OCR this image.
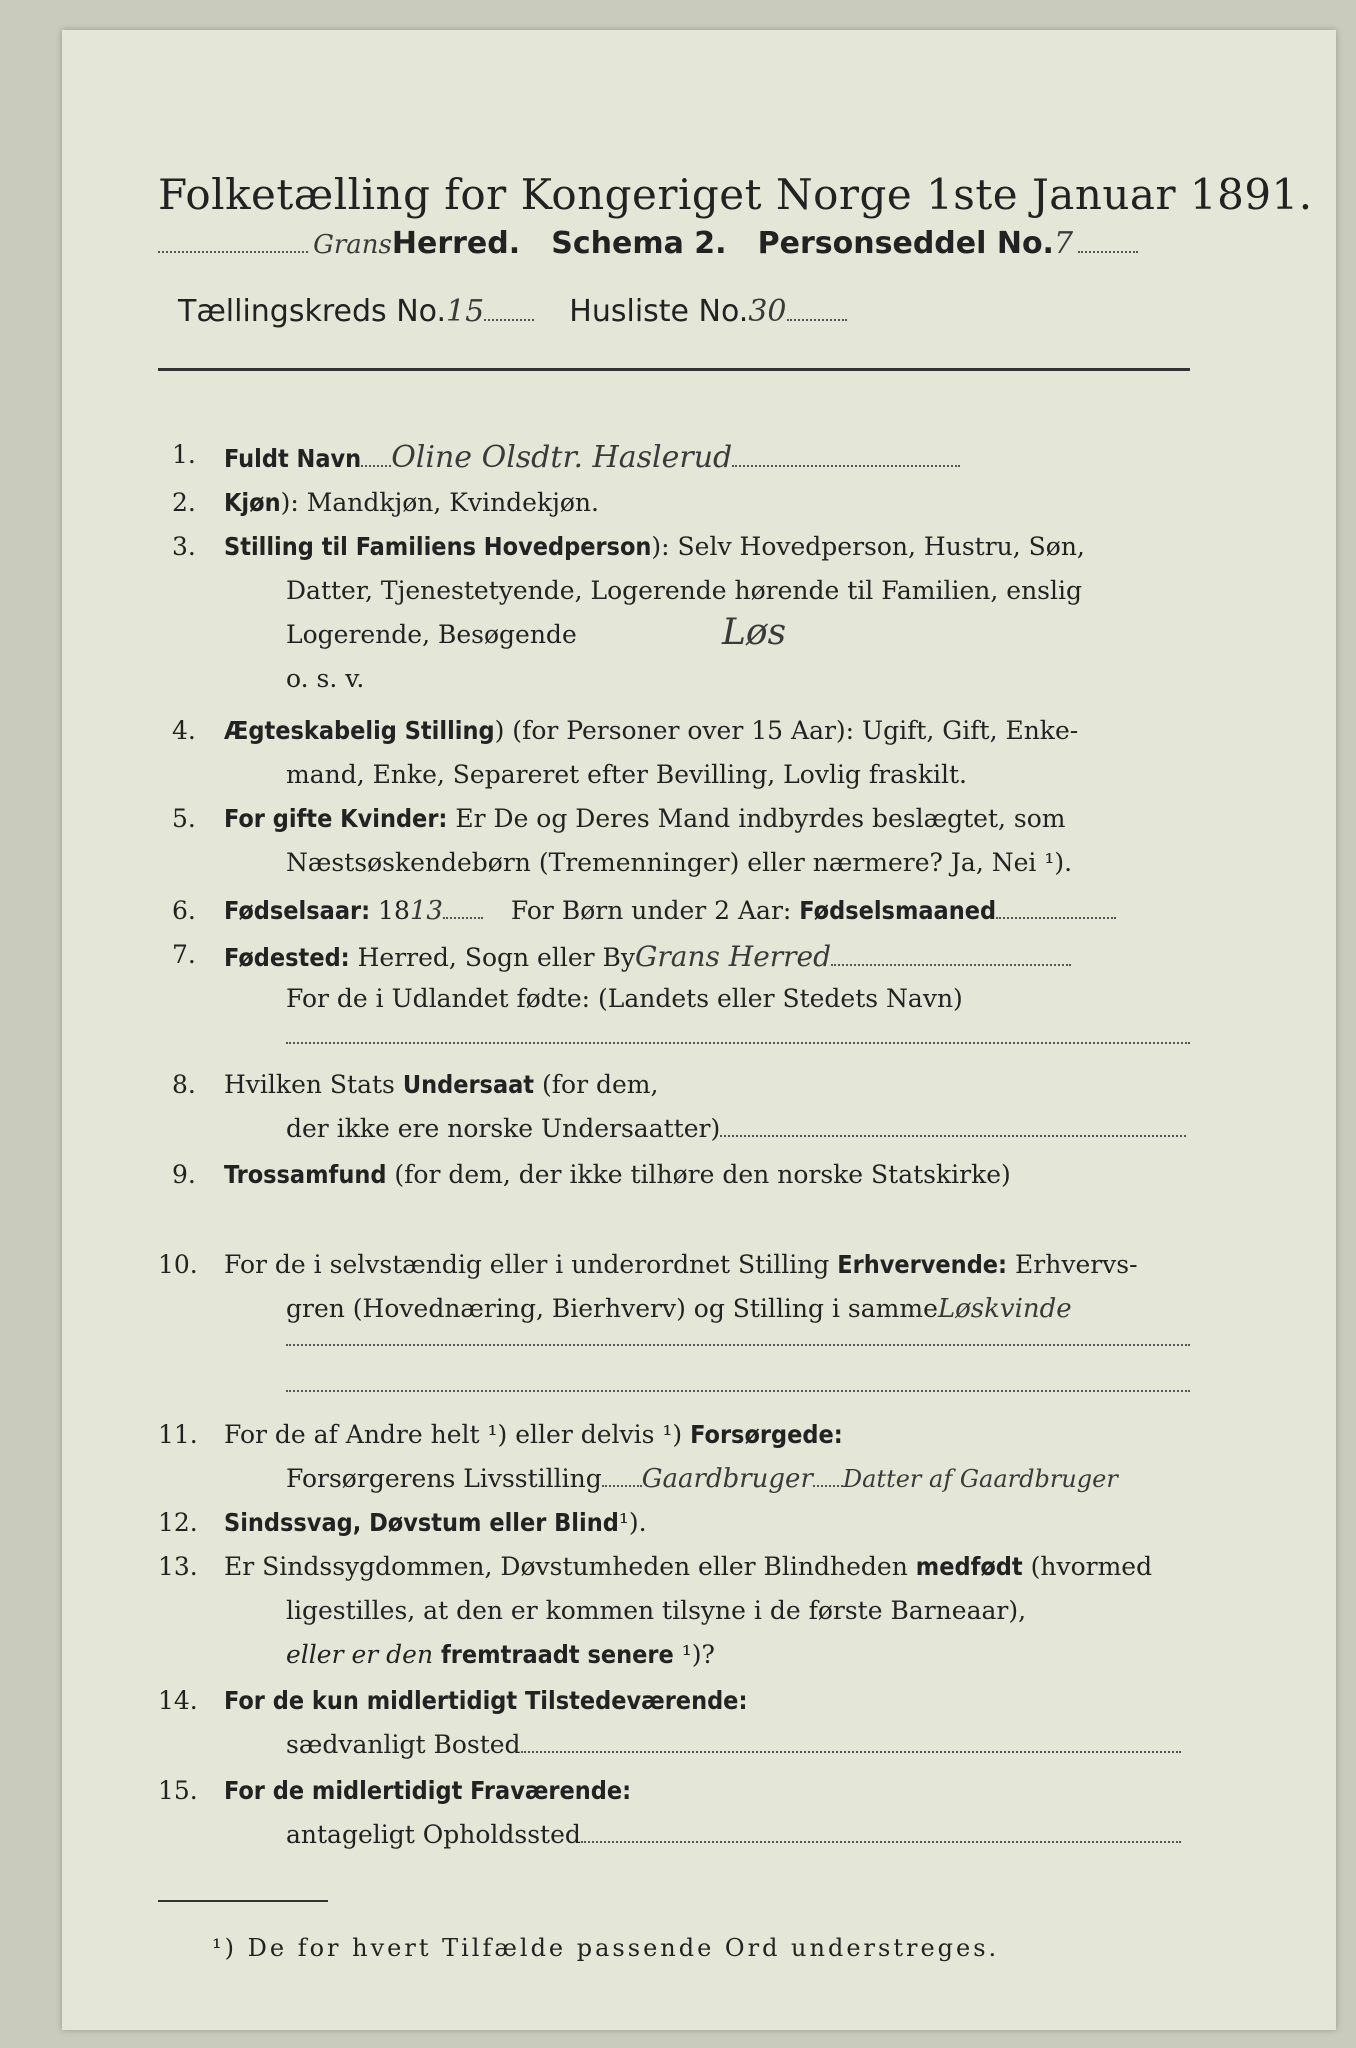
Folketælling for Kongeriget Norge 1ste Januar 1891.
GransHerred. Schema 2. Personseddel No.7
Tællingskreds No.15	Husliste No.30
1. Fuldt Navn Oline Olsdtr. Haslerud
2. Kjøn): Mandkjøn, Kvindekjøn.
3. Stilling til Familiens Hovedperson): Selv Hovedperson, Hustru, Søn,
Datter, Tjenestetyende, Logerende hørende til Familien, enslig
Logerende, Besøgende	Løs
o. s. v.
4. Ægteskabelig Stilling) (for Personer over 15 Aar): Ugift, Gift, Enke-
mand, Enke, Separeret efter Bevilling, Lovlig fraskilt.
5. For gifte Kvinder: Er De og Deres Mand indbyrdes beslægtet, som
Næstsøskendebørn (Tremenninger) eller nærmere? Ja, Nei ¹).
6. Fødselsaar: 1813	For Børn under 2 Aar: Fødselsmaaned
7. Fødested: Herred, Sogn eller ByGrans Herred
For de i Udlandet fødte: (Landets eller Stedets Navn)
8. Hvilken Stats Undersaat (for dem,
der ikke ere norske Undersaatter)
9. Trossamfund (for dem, der ikke tilhøre den norske Statskirke)
10. For de i selvstændig eller i underordnet Stilling Erhvervende: Erhvervs-
gren (Hovednæring, Bierhverv) og Stilling i sammeLøskvinde
11. For de af Andre helt ¹) eller delvis ¹) Forsørgede:
Forsørgerens Livsstilling Gaardbruger Datter af Gaardbruger
12. Sindssvag, Døvstum eller Blind¹).
13. Er Sindssygdommen, Døvstumheden eller Blindheden medfødt (hvormed
ligestilles, at den er kommen tilsyne i de første Barneaar),
eller er den fremtraadt senere ¹)?
14. For de kun midlertidigt Tilstedeværende:
sædvanligt Bosted
15. For de midlertidigt Fraværende:
antageligt Opholdssted
¹) De for hvert Tilfælde passende Ord understreges.
